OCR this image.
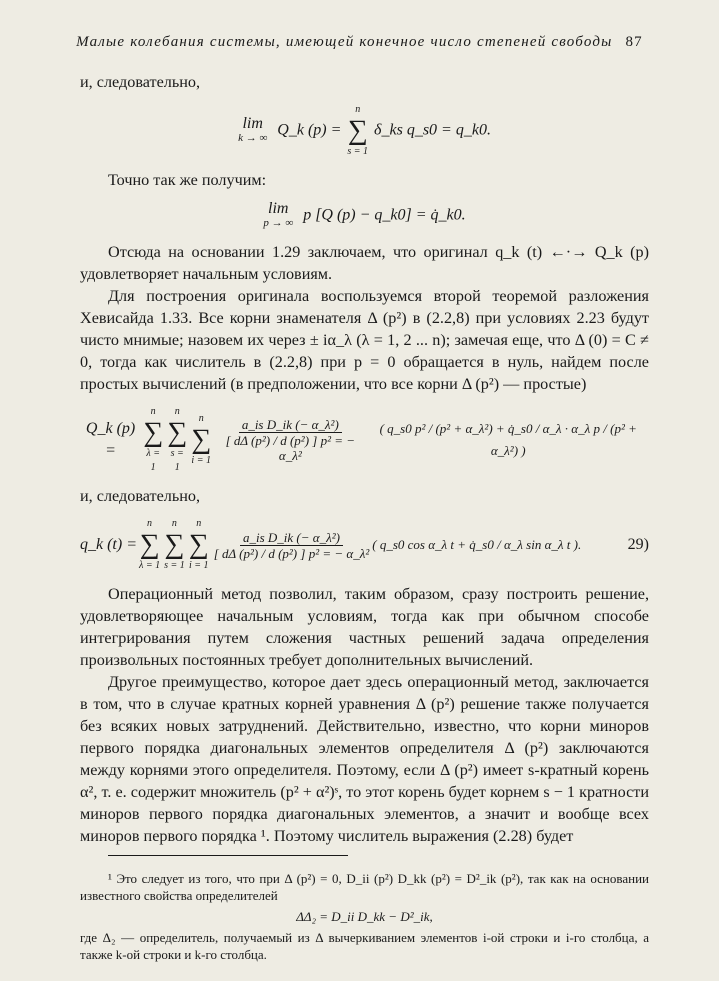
Малые колебания системы, имеющей конечное число степеней свободы 87

и, следовательно,

lim
k → ∞ Q_k (p) =
n
∑
s = 1
δ_ks q_s0 = q_k0.

Точно так же получим:

lim
p → ∞ p [Q (p) − q_k0] = q̇_k0.

Отсюда на основании 1.29 заключаем, что оригинал q_k (t) ←·→ Q_k (p) удовлетворяет начальным условиям.

Для построения оригинала воспользуемся второй теоремой разложения Хевисайда 1.33. Все корни знаменателя Δ (p²) в (2.2,8) при условиях 2.23 будут чисто мнимые; назовем их через ± iα_λ (λ = 1, 2 ... n); замечая еще, что Δ (0) = C ≠ 0, тогда как числитель в (2.2,8) при p = 0 обращается в нуль, найдем после простых вычислений (в предположении, что все корни Δ (p²) — простые)

Q_k (p) =
n
∑
λ = 1
n
∑
s = 1
n
∑
$i = 1 \frac{\text{a\_is D\_ik (− α\_λ²)}}{\text{[ dΔ (p²) / d (p²) ] p² = − α\_λ²}}$	( q_s0 p² / (p² + α_λ²) + q̇_s0 / α_λ · α_λ p / (p² + α_λ²) )

и, следовательно,

q_k (t) =
n
∑
λ = 1
n
∑
s = 1
n
∑
i = 1
$\frac{\text{a\_is D\_ik (− α\_λ²)}}{\text{[ dΔ (p²) / d (p²) ] p² = − α\_λ²}}$ ( q_s0 cos α_λ t + q̇_s0 / α_λ sin α_λ t ).	29)

Операционный метод позволил, таким образом, сразу построить решение, удовлетворяющее начальным условиям, тогда как при обычном способе интегрирования путем сложения частных решений задача определения произвольных постоянных требует дополнительных вычислений.

Другое преимущество, которое дает здесь операционный метод, заключается в том, что в случае кратных корней уравнения Δ (p²) решение также получается без всяких новых затруднений. Действительно, известно, что корни миноров первого порядка диагональных элементов определителя Δ (p²) заключаются между корнями этого определителя. Поэтому, если Δ (p²) имеет s-кратный корень α², т. е. содержит множитель (p² + α²)ˢ, то этот корень будет корнем s − 1 кратности миноров первого порядка диагональных элементов, а значит и вообще всех миноров первого порядка ¹. Поэтому числитель выражения (2.28) будет

¹ Это следует из того, что при Δ (p²) = 0, D_ii (p²) D_kk (p²) = D²_ik (p²), так как на основании известного свойства определителей

ΔΔ₂ = D_ii D_kk − D²_ik,

где Δ₂ — определитель, получаемый из Δ вычеркиванием элементов i-ой строки и i-го столбца, а также k-ой строки и k-го столбца.
